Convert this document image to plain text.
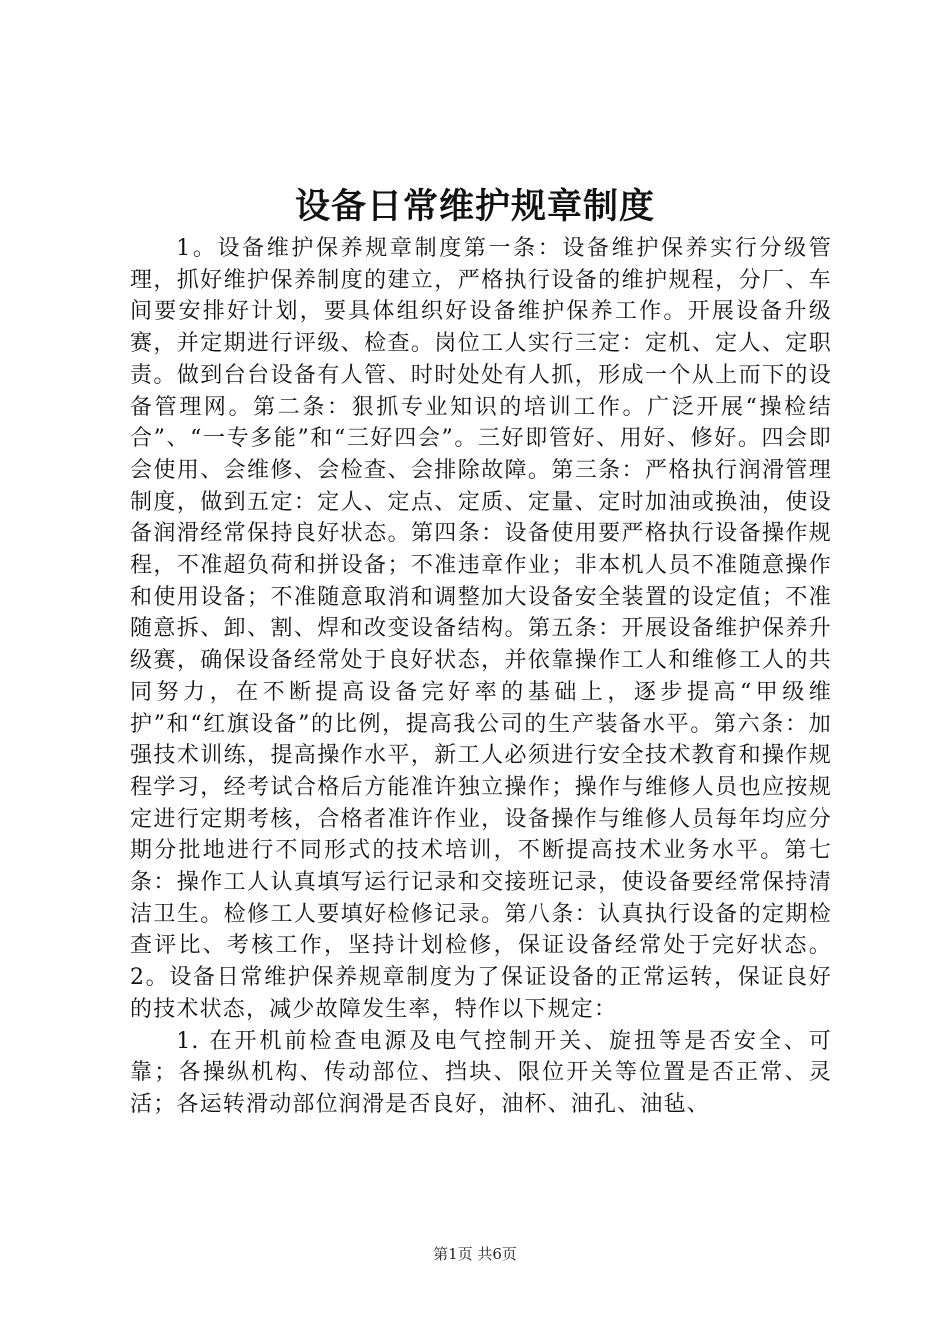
设备日常维护规章制度

1。设备维护保养规章制度第一条：设备维护保养实行分级管理，抓好维护保养制度的建立，严格执行设备的维护规程，分厂、车间要安排好计划，要具体组织好设备维护保养工作。开展设备升级赛，并定期进行评级、检查。岗位工人实行三定：定机、定人、定职责。做到台台设备有人管、时时处处有人抓，形成一个从上而下的设备管理网。第二条：狠抓专业知识的培训工作。广泛开展“操检结合”、“一专多能”和“三好四会”。三好即管好、用好、修好。四会即会使用、会维修、会检查、会排除故障。第三条：严格执行润滑管理制度，做到五定：定人、定点、定质、定量、定时加油或换油，使设备润滑经常保持良好状态。第四条：设备使用要严格执行设备操作规程，不准超负荷和拼设备；不准违章作业；非本机人员不准随意操作和使用设备；不准随意取消和调整加大设备安全装置的设定值；不准随意拆、卸、割、焊和改变设备结构。第五条：开展设备维护保养升级赛，确保设备经常处于良好状态，并依靠操作工人和维修工人的共同努力，在不断提高设备完好率的基础上，逐步提高“甲级维护”和“红旗设备”的比例，提高我公司的生产装备水平。第六条：加强技术训练，提高操作水平，新工人必须进行安全技术教育和操作规程学习，经考试合格后方能准许独立操作；操作与维修人员也应按规定进行定期考核，合格者准许作业，设备操作与维修人员每年均应分期分批地进行不同形式的技术培训，不断提高技术业务水平。第七条：操作工人认真填写运行记录和交接班记录，使设备要经常保持清洁卫生。检修工人要填好检修记录。第八条：认真执行设备的定期检查评比、考核工作，坚持计划检修，保证设备经常处于完好状态。2。设备日常维护保养规章制度为了保证设备的正常运转，保证良好的技术状态，减少故障发生率，特作以下规定：

1. 在开机前检查电源及电气控制开关、旋扭等是否安全、可靠；各操纵机构、传动部位、挡块、限位开关等位置是否正常、灵活；各运转滑动部位润滑是否良好，油杯、油孔、油毡、

第1页 共6页
